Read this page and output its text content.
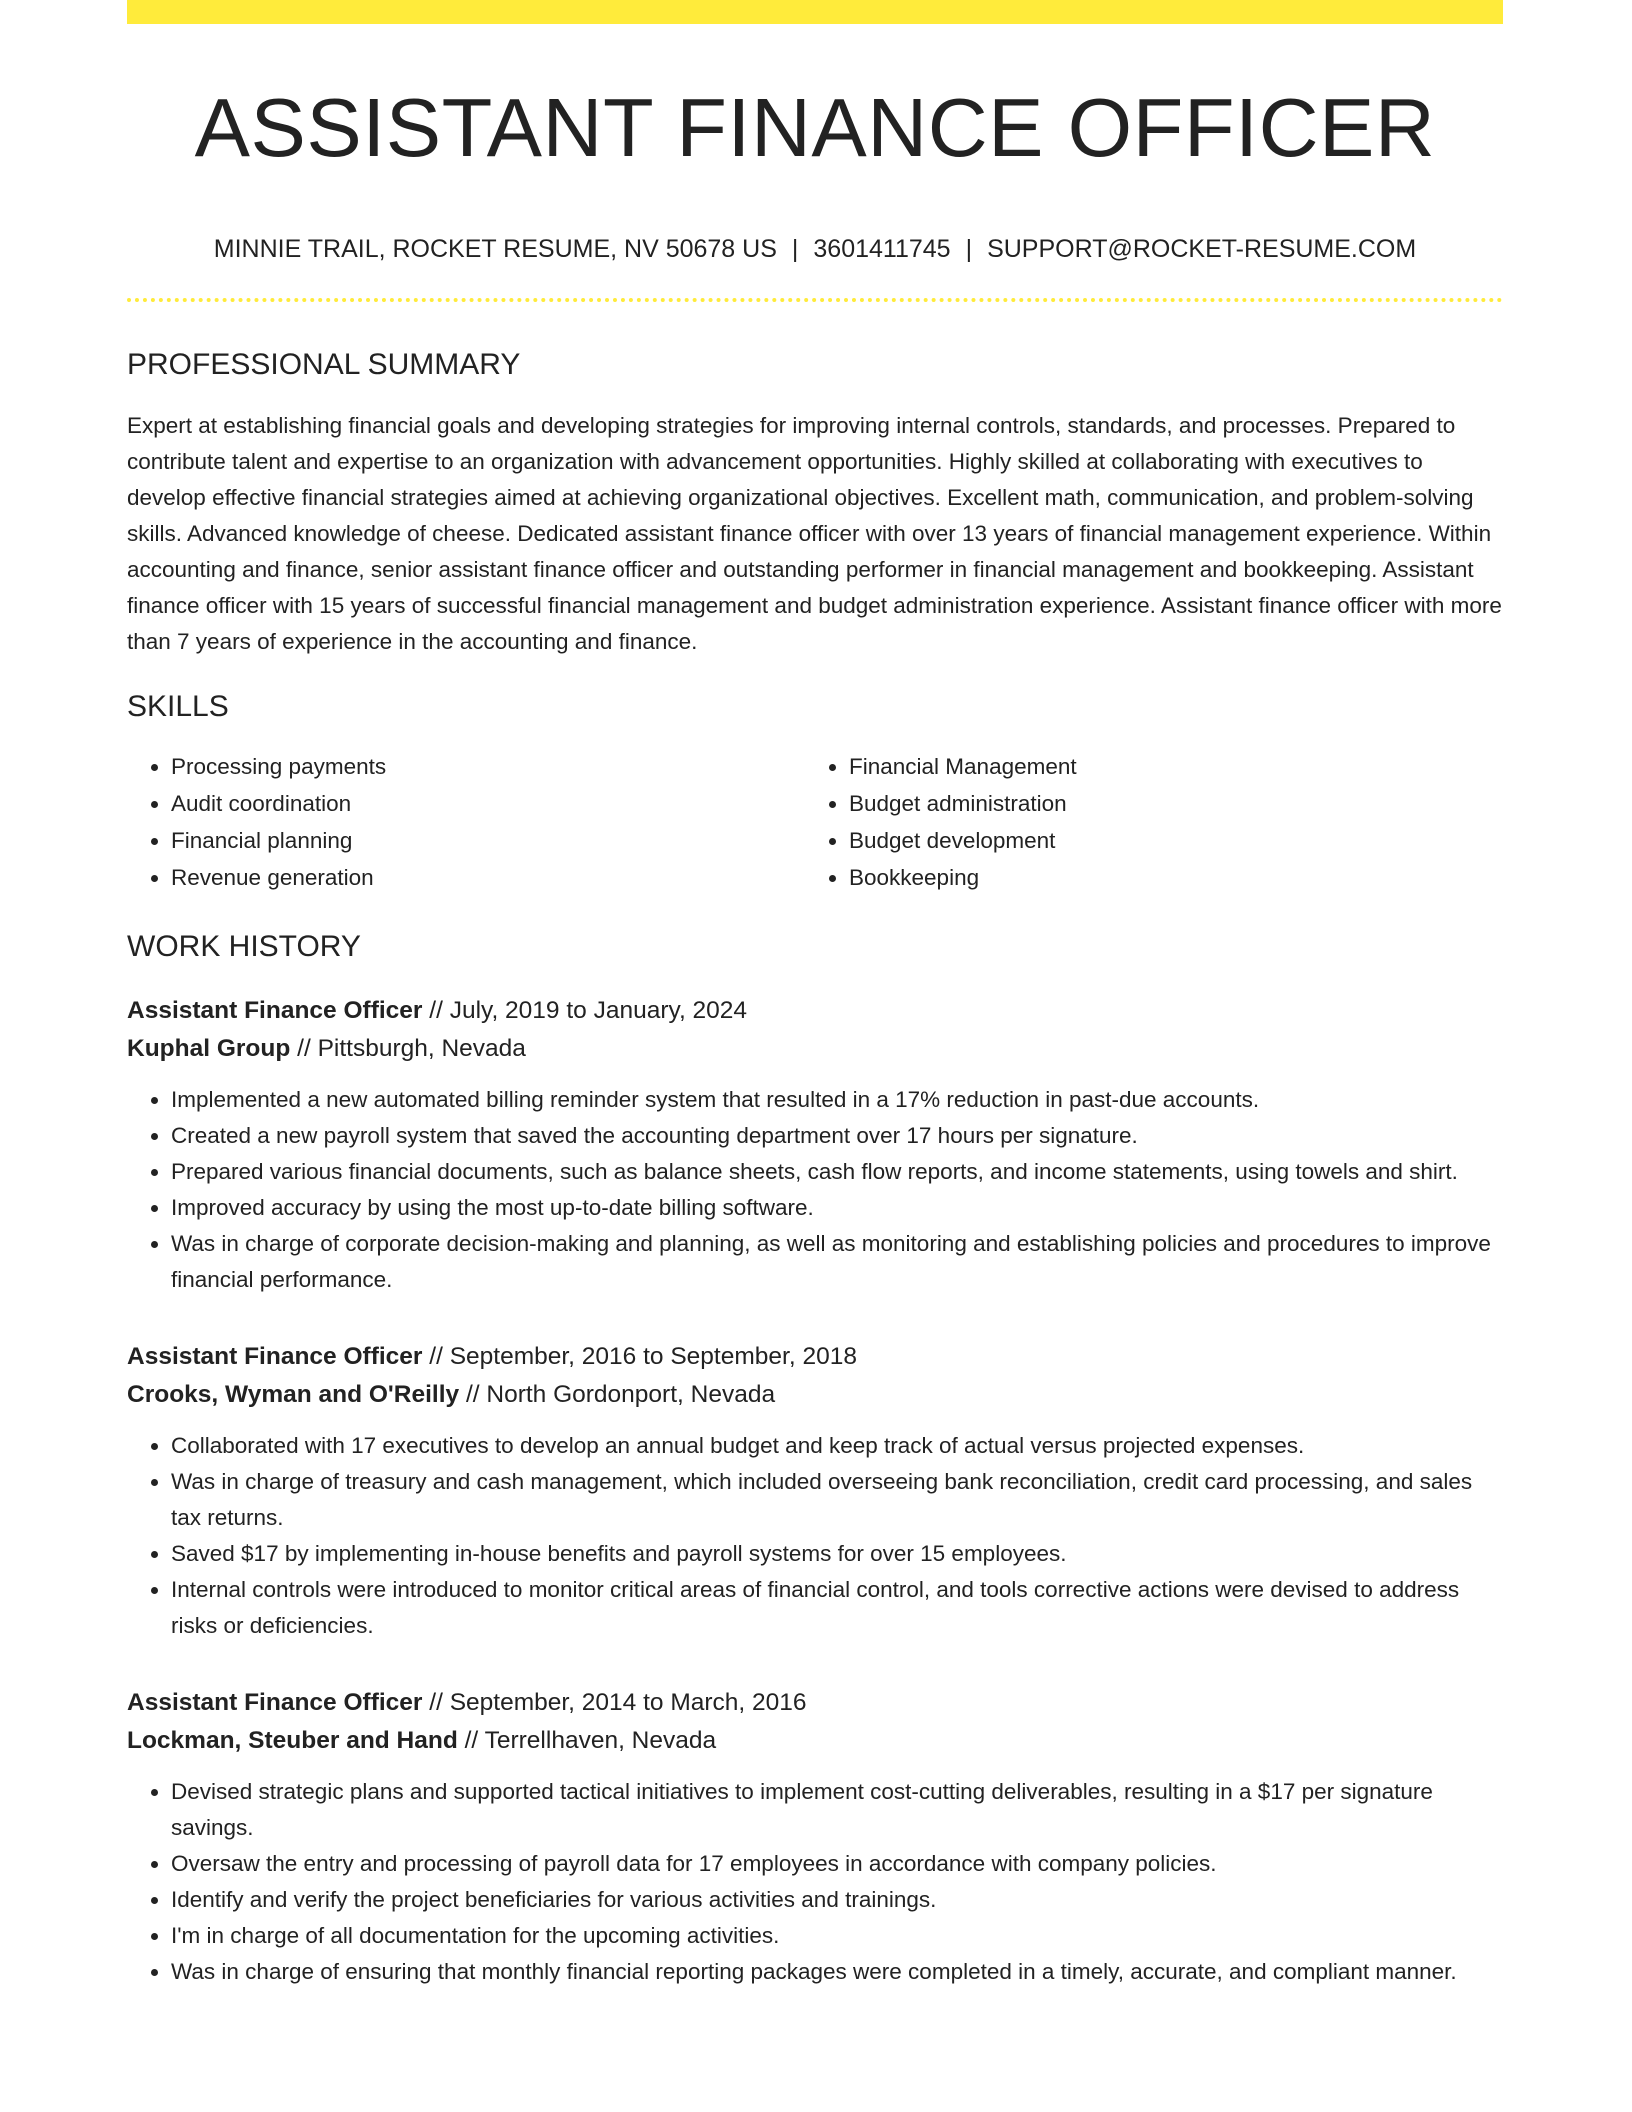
ASSISTANT FINANCE OFFICER
MINNIE TRAIL, ROCKET RESUME, NV 50678 US | 3601411745 | SUPPORT@ROCKET-RESUME.COM
PROFESSIONAL SUMMARY

Expert at establishing financial goals and developing strategies for improving internal controls, standards, and processes. Prepared to contribute talent and expertise to an organization with advancement opportunities. Highly skilled at collaborating with executives to develop effective financial strategies aimed at achieving organizational objectives. Excellent math, communication, and problem-solving skills. Advanced knowledge of cheese. Dedicated assistant finance officer with over 13 years of financial management experience. Within accounting and finance, senior assistant finance officer and outstanding performer in financial management and bookkeeping. Assistant finance officer with 15 years of successful financial management and budget administration experience. Assistant finance officer with more than 7 years of experience in the accounting and finance.

SKILLS
• Processing payments
• Audit coordination
• Financial planning
• Revenue generation
• Financial Management
• Budget administration
• Budget development
• Bookkeeping
WORK HISTORY
Assistant Finance Officer // July, 2019 to January, 2024
Kuphal Group // Pittsburgh, Nevada
• Implemented a new automated billing reminder system that resulted in a 17% reduction in past-due accounts.
• Created a new payroll system that saved the accounting department over 17 hours per signature.
• Prepared various financial documents, such as balance sheets, cash flow reports, and income statements, using towels and shirt.
• Improved accuracy by using the most up-to-date billing software.
• Was in charge of corporate decision-making and planning, as well as monitoring and establishing policies and procedures to improve financial performance.
Assistant Finance Officer // September, 2016 to September, 2018
Crooks, Wyman and O'Reilly // North Gordonport, Nevada
• Collaborated with 17 executives to develop an annual budget and keep track of actual versus projected expenses.
• Was in charge of treasury and cash management, which included overseeing bank reconciliation, credit card processing, and sales tax returns.
• Saved $17 by implementing in-house benefits and payroll systems for over 15 employees.
• Internal controls were introduced to monitor critical areas of financial control, and tools corrective actions were devised to address risks or deficiencies.
Assistant Finance Officer // September, 2014 to March, 2016
Lockman, Steuber and Hand // Terrellhaven, Nevada
• Devised strategic plans and supported tactical initiatives to implement cost-cutting deliverables, resulting in a $17 per signature savings.
• Oversaw the entry and processing of payroll data for 17 employees in accordance with company policies.
• Identify and verify the project beneficiaries for various activities and trainings.
• I'm in charge of all documentation for the upcoming activities.
• Was in charge of ensuring that monthly financial reporting packages were completed in a timely, accurate, and compliant manner.
